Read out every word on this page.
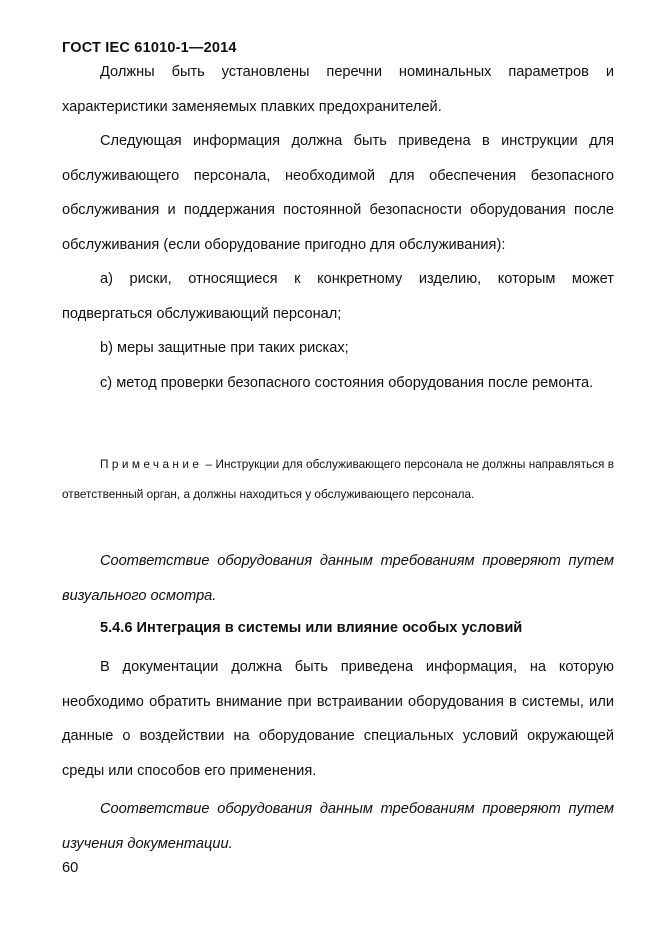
ГОСТ IEC 61010-1—2014

Должны быть установлены перечни номинальных параметров и характеристики заменяемых плавких предохранителей.

Следующая информация должна быть приведена в инструкции для обслуживающего персонала, необходимой для обеспечения безопасного обслуживания и поддержания постоянной безопасности оборудования после обслуживания (если оборудование пригодно для обслуживания):

a) риски, относящиеся к конкретному изделию, которым может подвергаться обслуживающий персонал;

b) меры защитные при таких рисках;

c) метод проверки безопасного состояния оборудования после ремонта.

Примечание – Инструкции для обслуживающего персонала не должны направляться в ответственный орган, а должны находиться у обслуживающего персонала.

Соответствие оборудования данным требованиям проверяют путем визуального осмотра.

5.4.6 Интеграция в системы или влияние особых условий

В документации должна быть приведена информация, на которую необходимо обратить внимание при встраивании оборудования в системы, или данные о воздействии на оборудование специальных условий окружающей среды или способов его применения.

Соответствие оборудования данным требованиям проверяют путем изучения документации.

60
